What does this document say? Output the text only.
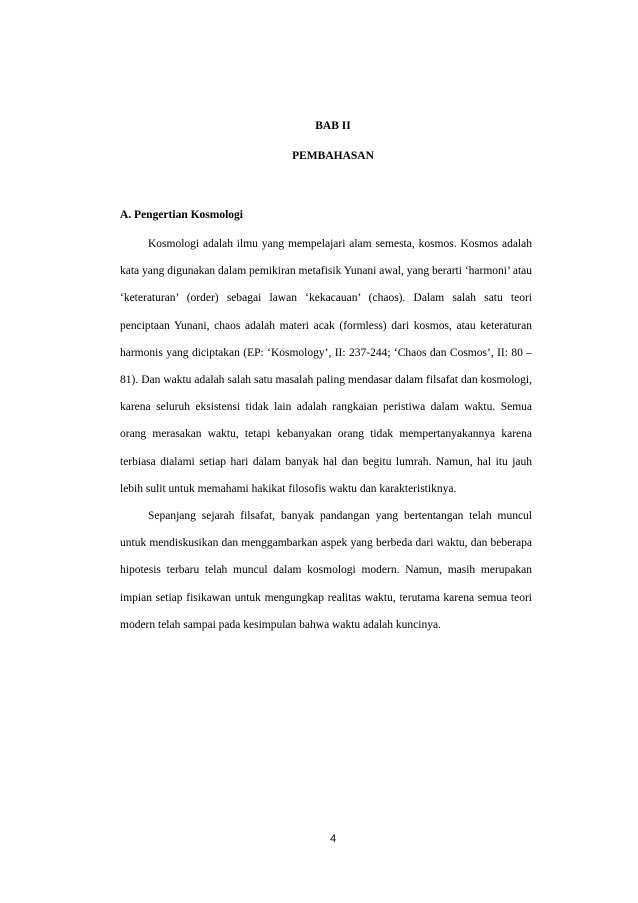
BAB II
PEMBAHASAN
A. Pengertian Kosmologi

Kosmologi adalah ilmu yang mempelajari alam semesta, kosmos. Kosmos adalah kata yang digunakan dalam pemikiran metafisik Yunani awal, yang berarti ‘harmoni’ atau ‘keteraturan’ (order) sebagai lawan ‘kekacauan’ (chaos). Dalam salah satu teori penciptaan Yunani, chaos adalah materi acak (formless) dari kosmos, atau keteraturan harmonis yang diciptakan (EP: ‘Kosmology’, II: 237-244; ‘Chaos dan Cosmos’, II: 80 – 81). Dan waktu adalah salah satu masalah paling mendasar dalam filsafat dan kosmologi, karena seluruh eksistensi tidak lain adalah rangkaian peristiwa dalam waktu. Semua orang merasakan waktu, tetapi kebanyakan orang tidak mempertanyakannya karena terbiasa dialami setiap hari dalam banyak hal dan begitu lumrah. Namun, hal itu jauh lebih sulit untuk memahami hakikat filosofis waktu dan karakteristiknya.

Sepanjang sejarah filsafat, banyak pandangan yang bertentangan telah muncul untuk mendiskusikan dan menggambarkan aspek yang berbeda dari waktu, dan beberapa hipotesis terbaru telah muncul dalam kosmologi modern. Namun, masih merupakan impian setiap fisikawan untuk mengungkap realitas waktu, terutama karena semua teori modern telah sampai pada kesimpulan bahwa waktu adalah kuncinya.

4
